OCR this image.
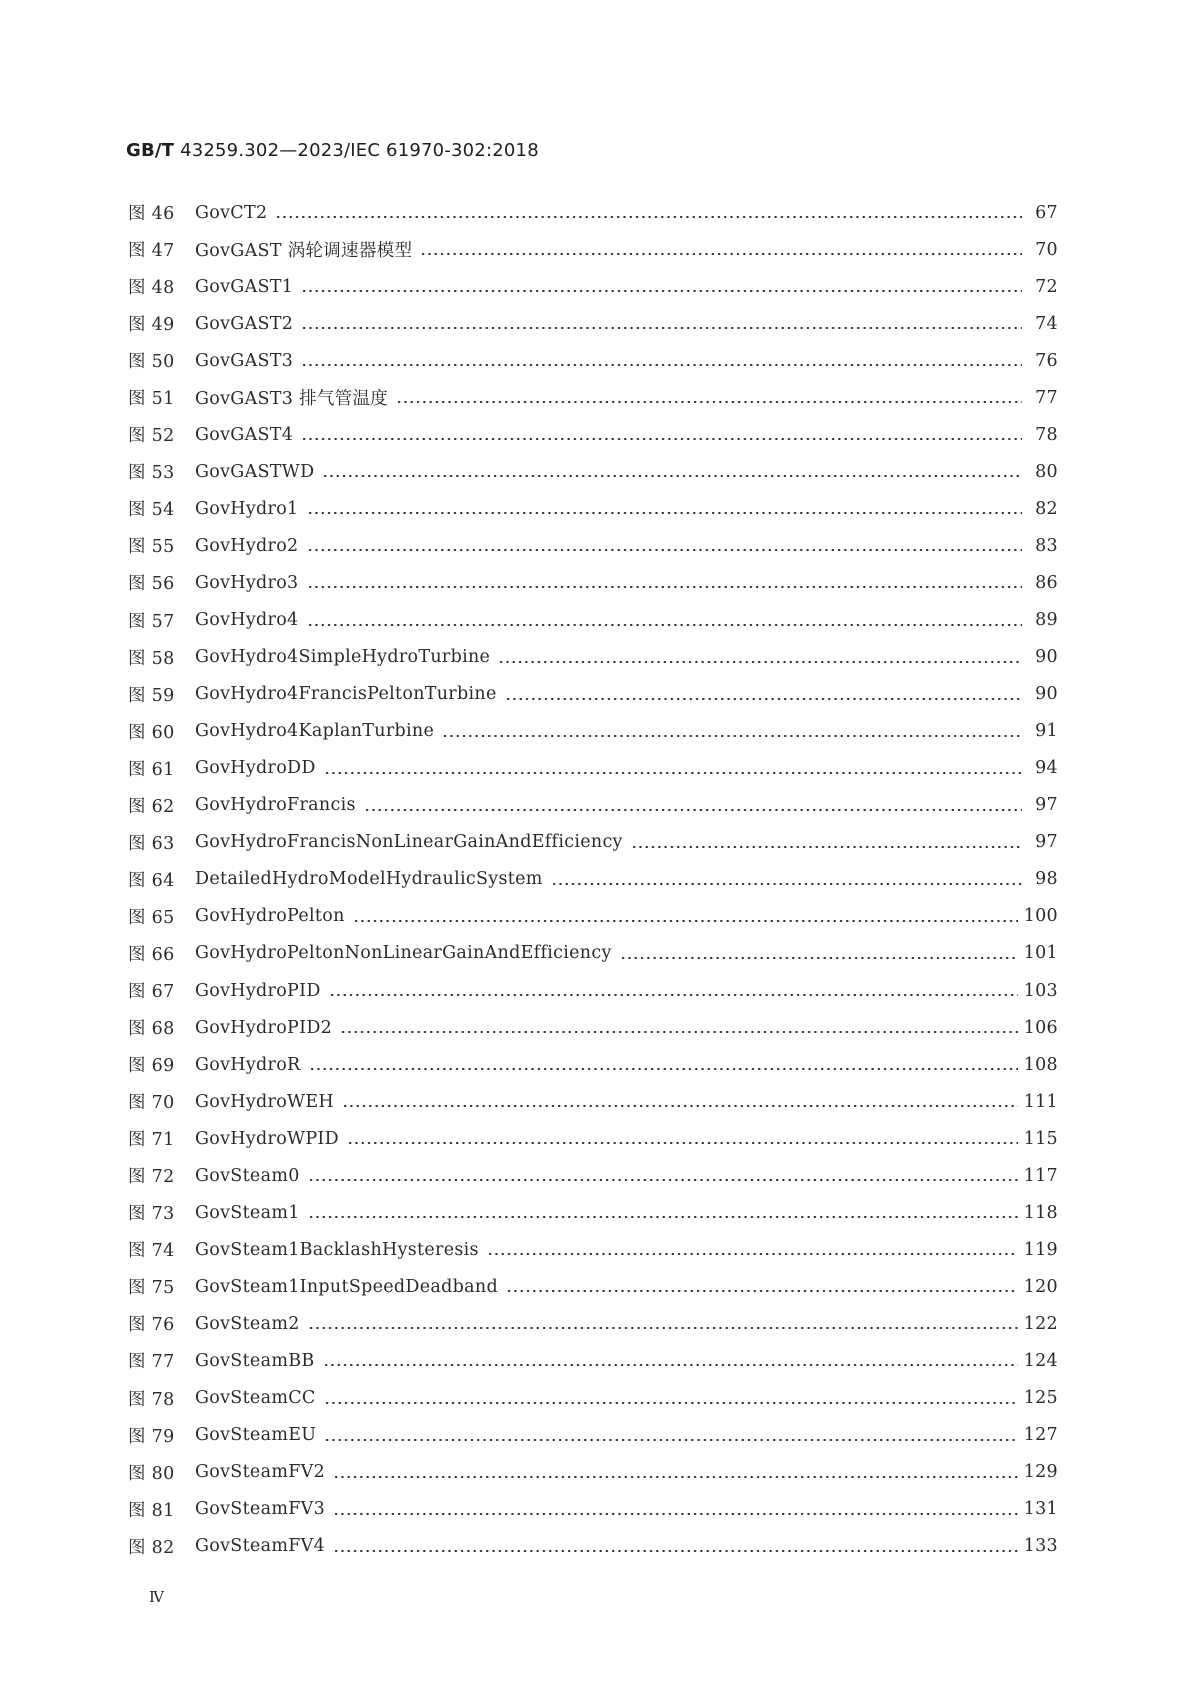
GB/T 43259.302—2023/IEC 61970-302:2018
图 46	GovCT2	67
图 47	GovGAST 涡轮调速器模型	70
图 48	GovGAST1	72
图 49	GovGAST2	74
图 50	GovGAST3	76
图 51	GovGAST3 排气管温度	77
图 52	GovGAST4	78
图 53	GovGASTWD	80
图 54	GovHydro1	82
图 55	GovHydro2	83
图 56	GovHydro3	86
图 57	GovHydro4	89
图 58	GovHydro4SimpleHydroTurbine	90
图 59	GovHydro4FrancisPeltonTurbine	90
图 60	GovHydro4KaplanTurbine	91
图 61	GovHydroDD	94
图 62	GovHydroFrancis	97
图 63	GovHydroFrancisNonLinearGainAndEfficiency	97
图 64	DetailedHydroModelHydraulicSystem	98
图 65	GovHydroPelton	100
图 66	GovHydroPeltonNonLinearGainAndEfficiency	101
图 67	GovHydroPID	103
图 68	GovHydroPID2	106
图 69	GovHydroR	108
图 70	GovHydroWEH	111
图 71	GovHydroWPID	115
图 72	GovSteam0	117
图 73	GovSteam1	118
图 74	GovSteam1BacklashHysteresis	119
图 75	GovSteam1InputSpeedDeadband	120
图 76	GovSteam2	122
图 77	GovSteamBB	124
图 78	GovSteamCC	125
图 79	GovSteamEU	127
图 80	GovSteamFV2	129
图 81	GovSteamFV3	131
图 82	GovSteamFV4	133
Ⅳ
